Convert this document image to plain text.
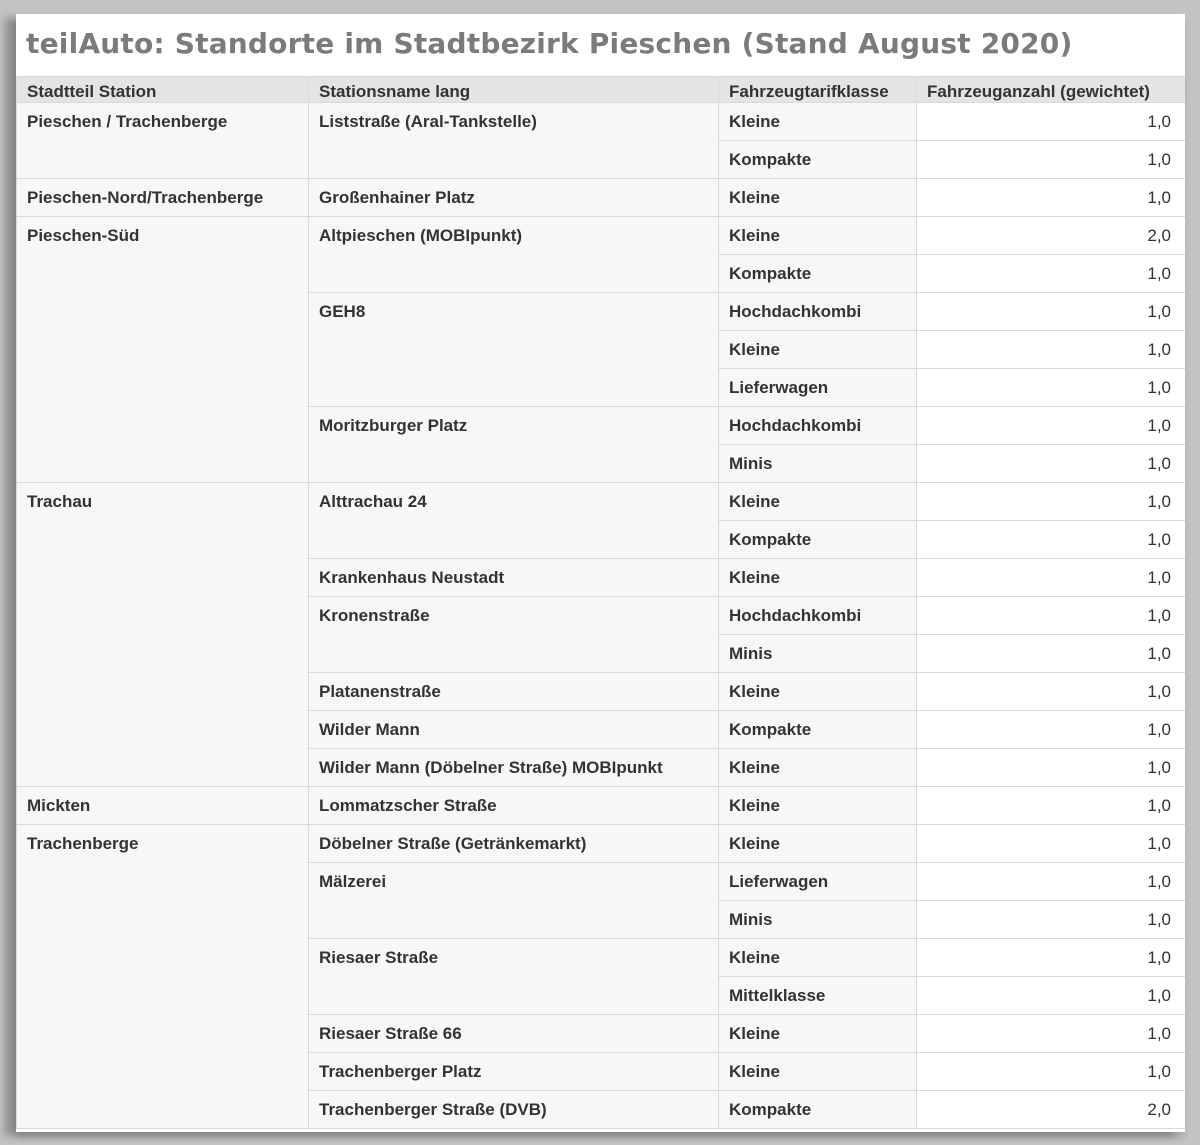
teilAuto: Standorte im Stadtbezirk Pieschen (Stand August 2020)
Stadtteil Station	Stationsname lang	Fahrzeugtarifklasse	Fahrzeuganzahl (gewichtet)
Pieschen / Trachenberge	Liststraße (Aral-Tankstelle)	Kleine	1,0
		Kompakte	1,0
Pieschen-Nord/Trachenberge	Großenhainer Platz	Kleine	1,0
Pieschen-Süd	Altpieschen (MOBIpunkt)	Kleine	2,0
		Kompakte	1,0
	GEH8	Hochdachkombi	1,0
		Kleine	1,0
		Lieferwagen	1,0
	Moritzburger Platz	Hochdachkombi	1,0
		Minis	1,0
Trachau	Alttrachau 24	Kleine	1,0
		Kompakte	1,0
	Krankenhaus Neustadt	Kleine	1,0
	Kronenstraße	Hochdachkombi	1,0
		Minis	1,0
	Platanenstraße	Kleine	1,0
	Wilder Mann	Kompakte	1,0
	Wilder Mann (Döbelner Straße) MOBIpunkt	Kleine	1,0
Mickten	Lommatzscher Straße	Kleine	1,0
Trachenberge	Döbelner Straße (Getränkemarkt)	Kleine	1,0
	Mälzerei	Lieferwagen	1,0
		Minis	1,0
	Riesaer Straße	Kleine	1,0
		Mittelklasse	1,0
	Riesaer Straße 66	Kleine	1,0
	Trachenberger Platz	Kleine	1,0
	Trachenberger Straße (DVB)	Kompakte	2,0
